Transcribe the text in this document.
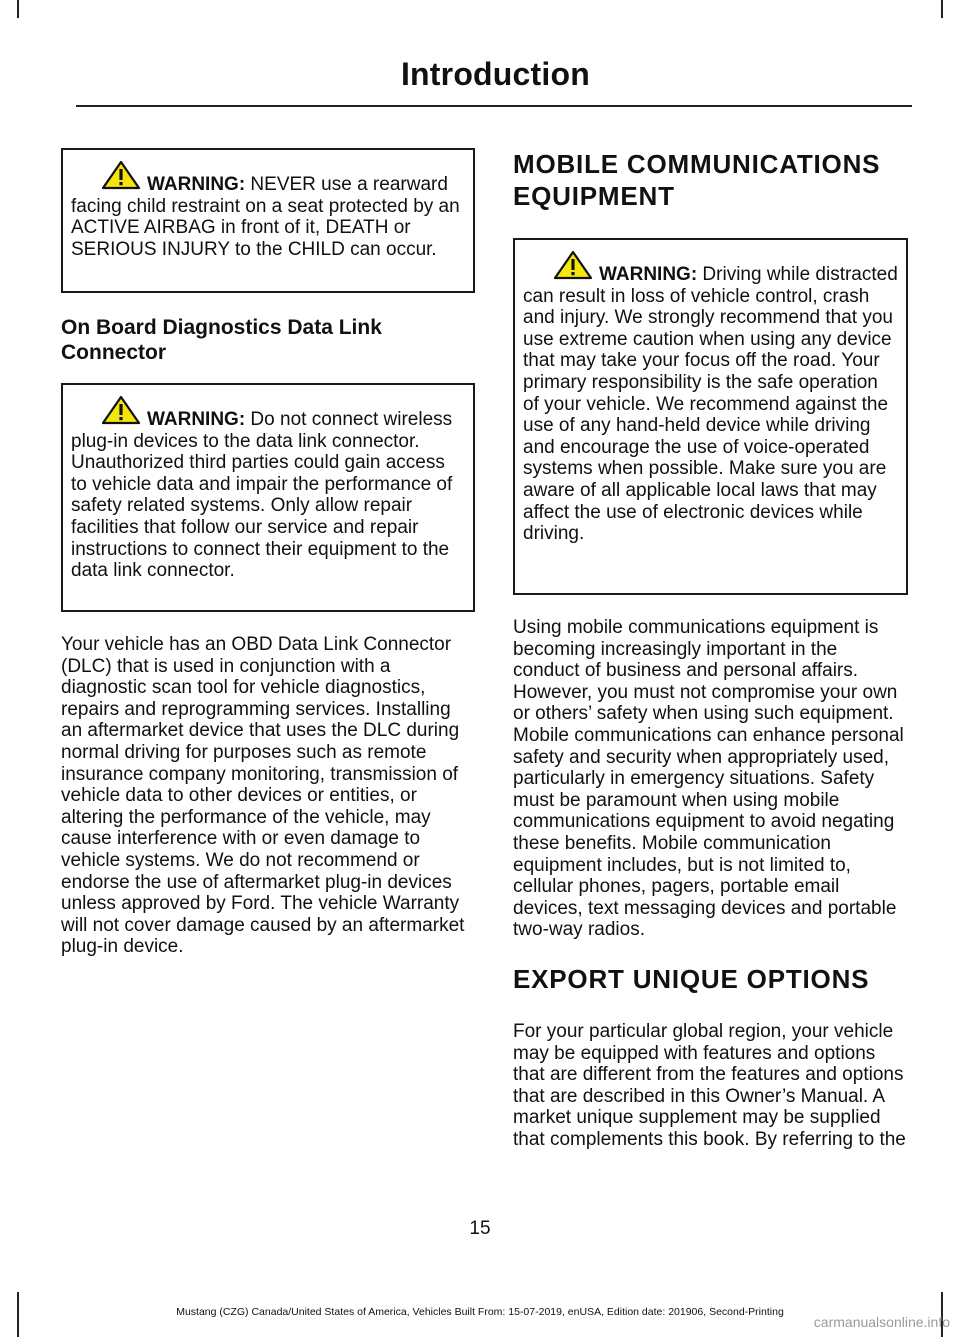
Introduction
WARNING: NEVER use a rearward facing child restraint on a seat protected by an ACTIVE AIRBAG in front of it, DEATH or SERIOUS INJURY to the CHILD can occur.
On Board Diagnostics Data Link Connector
WARNING: Do not connect wireless plug-in devices to the data link connector. Unauthorized third parties could gain access to vehicle data and impair the performance of safety related systems. Only allow repair facilities that follow our service and repair instructions to connect their equipment to the data link connector.

Your vehicle has an OBD Data Link Connector (DLC) that is used in conjunction with a diagnostic scan tool for vehicle diagnostics, repairs and reprogramming services. Installing an aftermarket device that uses the DLC during normal driving for purposes such as remote insurance company monitoring, transmission of vehicle data to other devices or entities, or altering the performance of the vehicle, may cause interference with or even damage to vehicle systems. We do not recommend or endorse the use of aftermarket plug-in devices unless approved by Ford. The vehicle Warranty will not cover damage caused by an aftermarket plug-in device.

MOBILE COMMUNICATIONS EQUIPMENT
WARNING: Driving while distracted can result in loss of vehicle control, crash and injury. We strongly recommend that you use extreme caution when using any device that may take your focus off the road. Your primary responsibility is the safe operation of your vehicle. We recommend against the use of any hand-held device while driving and encourage the use of voice-operated systems when possible. Make sure you are aware of all applicable local laws that may affect the use of electronic devices while driving.

Using mobile communications equipment is becoming increasingly important in the conduct of business and personal affairs. However, you must not compromise your own or others’ safety when using such equipment. Mobile communications can enhance personal safety and security when appropriately used, particularly in emergency situations. Safety must be paramount when using mobile communications equipment to avoid negating these benefits. Mobile communication equipment includes, but is not limited to, cellular phones, pagers, portable email devices, text messaging devices and portable two-way radios.

EXPORT UNIQUE OPTIONS

For your particular global region, your vehicle may be equipped with features and options that are different from the features and options that are described in this Owner’s Manual. A market unique supplement may be supplied that complements this book. By referring to the

15
Mustang (CZG) Canada/United States of America, Vehicles Built From: 15-07-2019, enUSA, Edition date: 201906, Second-Printing
carmanualsonline.info
